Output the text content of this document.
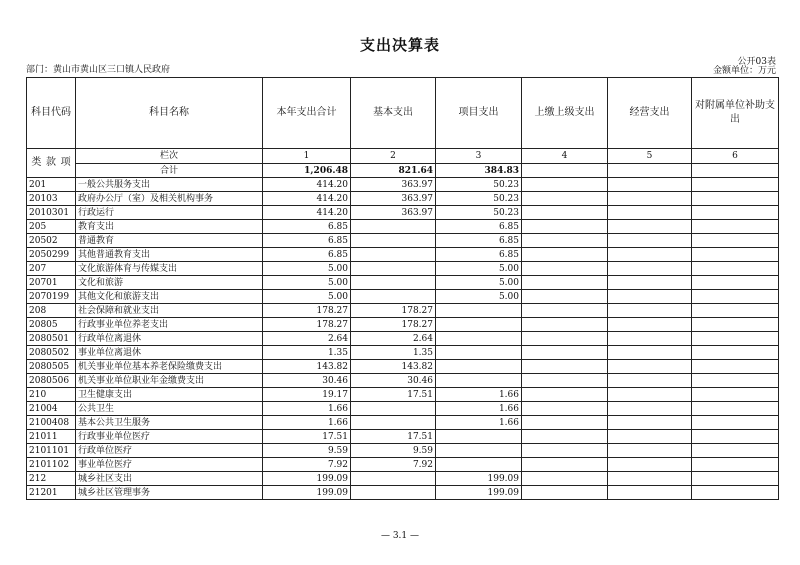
支出决算表
公开03表
部门：黄山市黄山区三口镇人民政府	金额单位：万元
科目代码	科目名称	本年支出合计	基本支出	项目支出	上缴上级支出	经营支出	对附属单位补助支出

类 款 项	栏次	1	2	3	4	5	6
	合计	1,206.48	821.64	384.83			
201	一般公共服务支出	414.20	363.97	50.23			
20103	政府办公厅（室）及相关机构事务	414.20	363.97	50.23			
2010301	行政运行	414.20	363.97	50.23			
205	教育支出	6.85		6.85			
20502	普通教育	6.85		6.85			
2050299	其他普通教育支出	6.85		6.85			
207	文化旅游体育与传媒支出	5.00		5.00			
20701	文化和旅游	5.00		5.00			
2070199	其他文化和旅游支出	5.00		5.00			
208	社会保障和就业支出	178.27	178.27				
20805	行政事业单位养老支出	178.27	178.27				
2080501	行政单位离退休	2.64	2.64				
2080502	事业单位离退休	1.35	1.35				
2080505	机关事业单位基本养老保险缴费支出	143.82	143.82				
2080506	机关事业单位职业年金缴费支出	30.46	30.46				
210	卫生健康支出	19.17	17.51	1.66			
21004	公共卫生	1.66		1.66			
2100408	基本公共卫生服务	1.66		1.66			
21011	行政事业单位医疗	17.51	17.51				
2101101	行政单位医疗	9.59	9.59				
2101102	事业单位医疗	7.92	7.92				
212	城乡社区支出	199.09		199.09			
21201	城乡社区管理事务	199.09		199.09			
— 3.1 —
